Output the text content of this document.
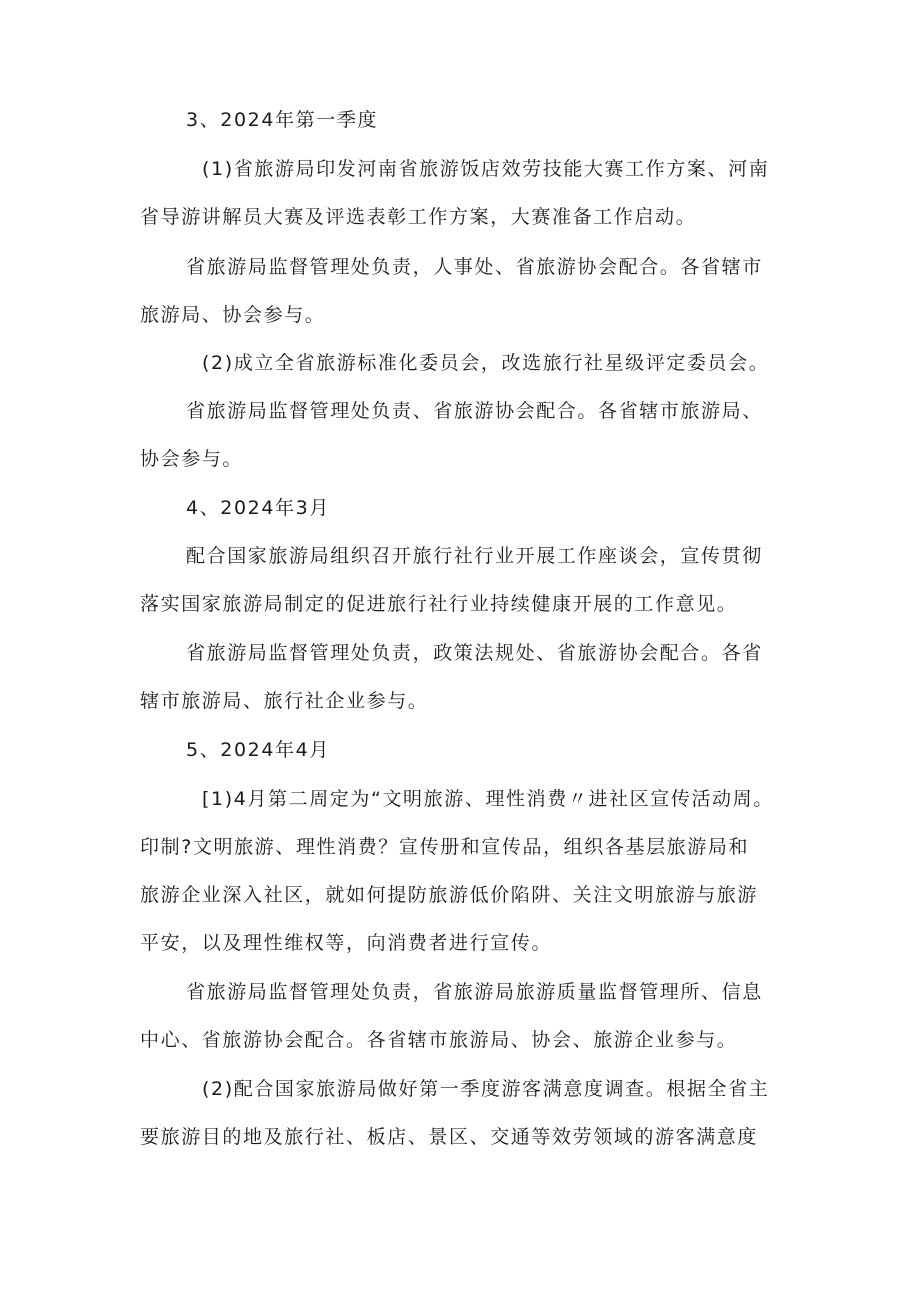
3、2024年第一季度
(1)省旅游局印发河南省旅游饭店效劳技能大赛工作方案、河南
省导游讲解员大赛及评选表彰工作方案，大赛准备工作启动。
省旅游局监督管理处负责，人事处、省旅游协会配合。各省辖市
旅游局、协会参与。
(2)成立全省旅游标准化委员会，改选旅行社星级评定委员会。
省旅游局监督管理处负责、省旅游协会配合。各省辖市旅游局、
协会参与。
4、2024年3月
配合国家旅游局组织召开旅行社行业开展工作座谈会，宣传贯彻
落实国家旅游局制定的促进旅行社行业持续健康开展的工作意见。
省旅游局监督管理处负责，政策法规处、省旅游协会配合。各省
辖市旅游局、旅行社企业参与。
5、2024年4月
[1)4月第二周定为“文明旅游、理性消费〃进社区宣传活动周。
印制?文明旅游、理性消费？宣传册和宣传品，组织各基层旅游局和
旅游企业深入社区，就如何提防旅游低价陷阱、关注文明旅游与旅游
平安，以及理性维权等，向消费者进行宣传。
省旅游局监督管理处负责，省旅游局旅游质量监督管理所、信息
中心、省旅游协会配合。各省辖市旅游局、协会、旅游企业参与。
(2)配合国家旅游局做好第一季度游客满意度调查。根据全省主
要旅游目的地及旅行社、板店、景区、交通等效劳领域的游客满意度
